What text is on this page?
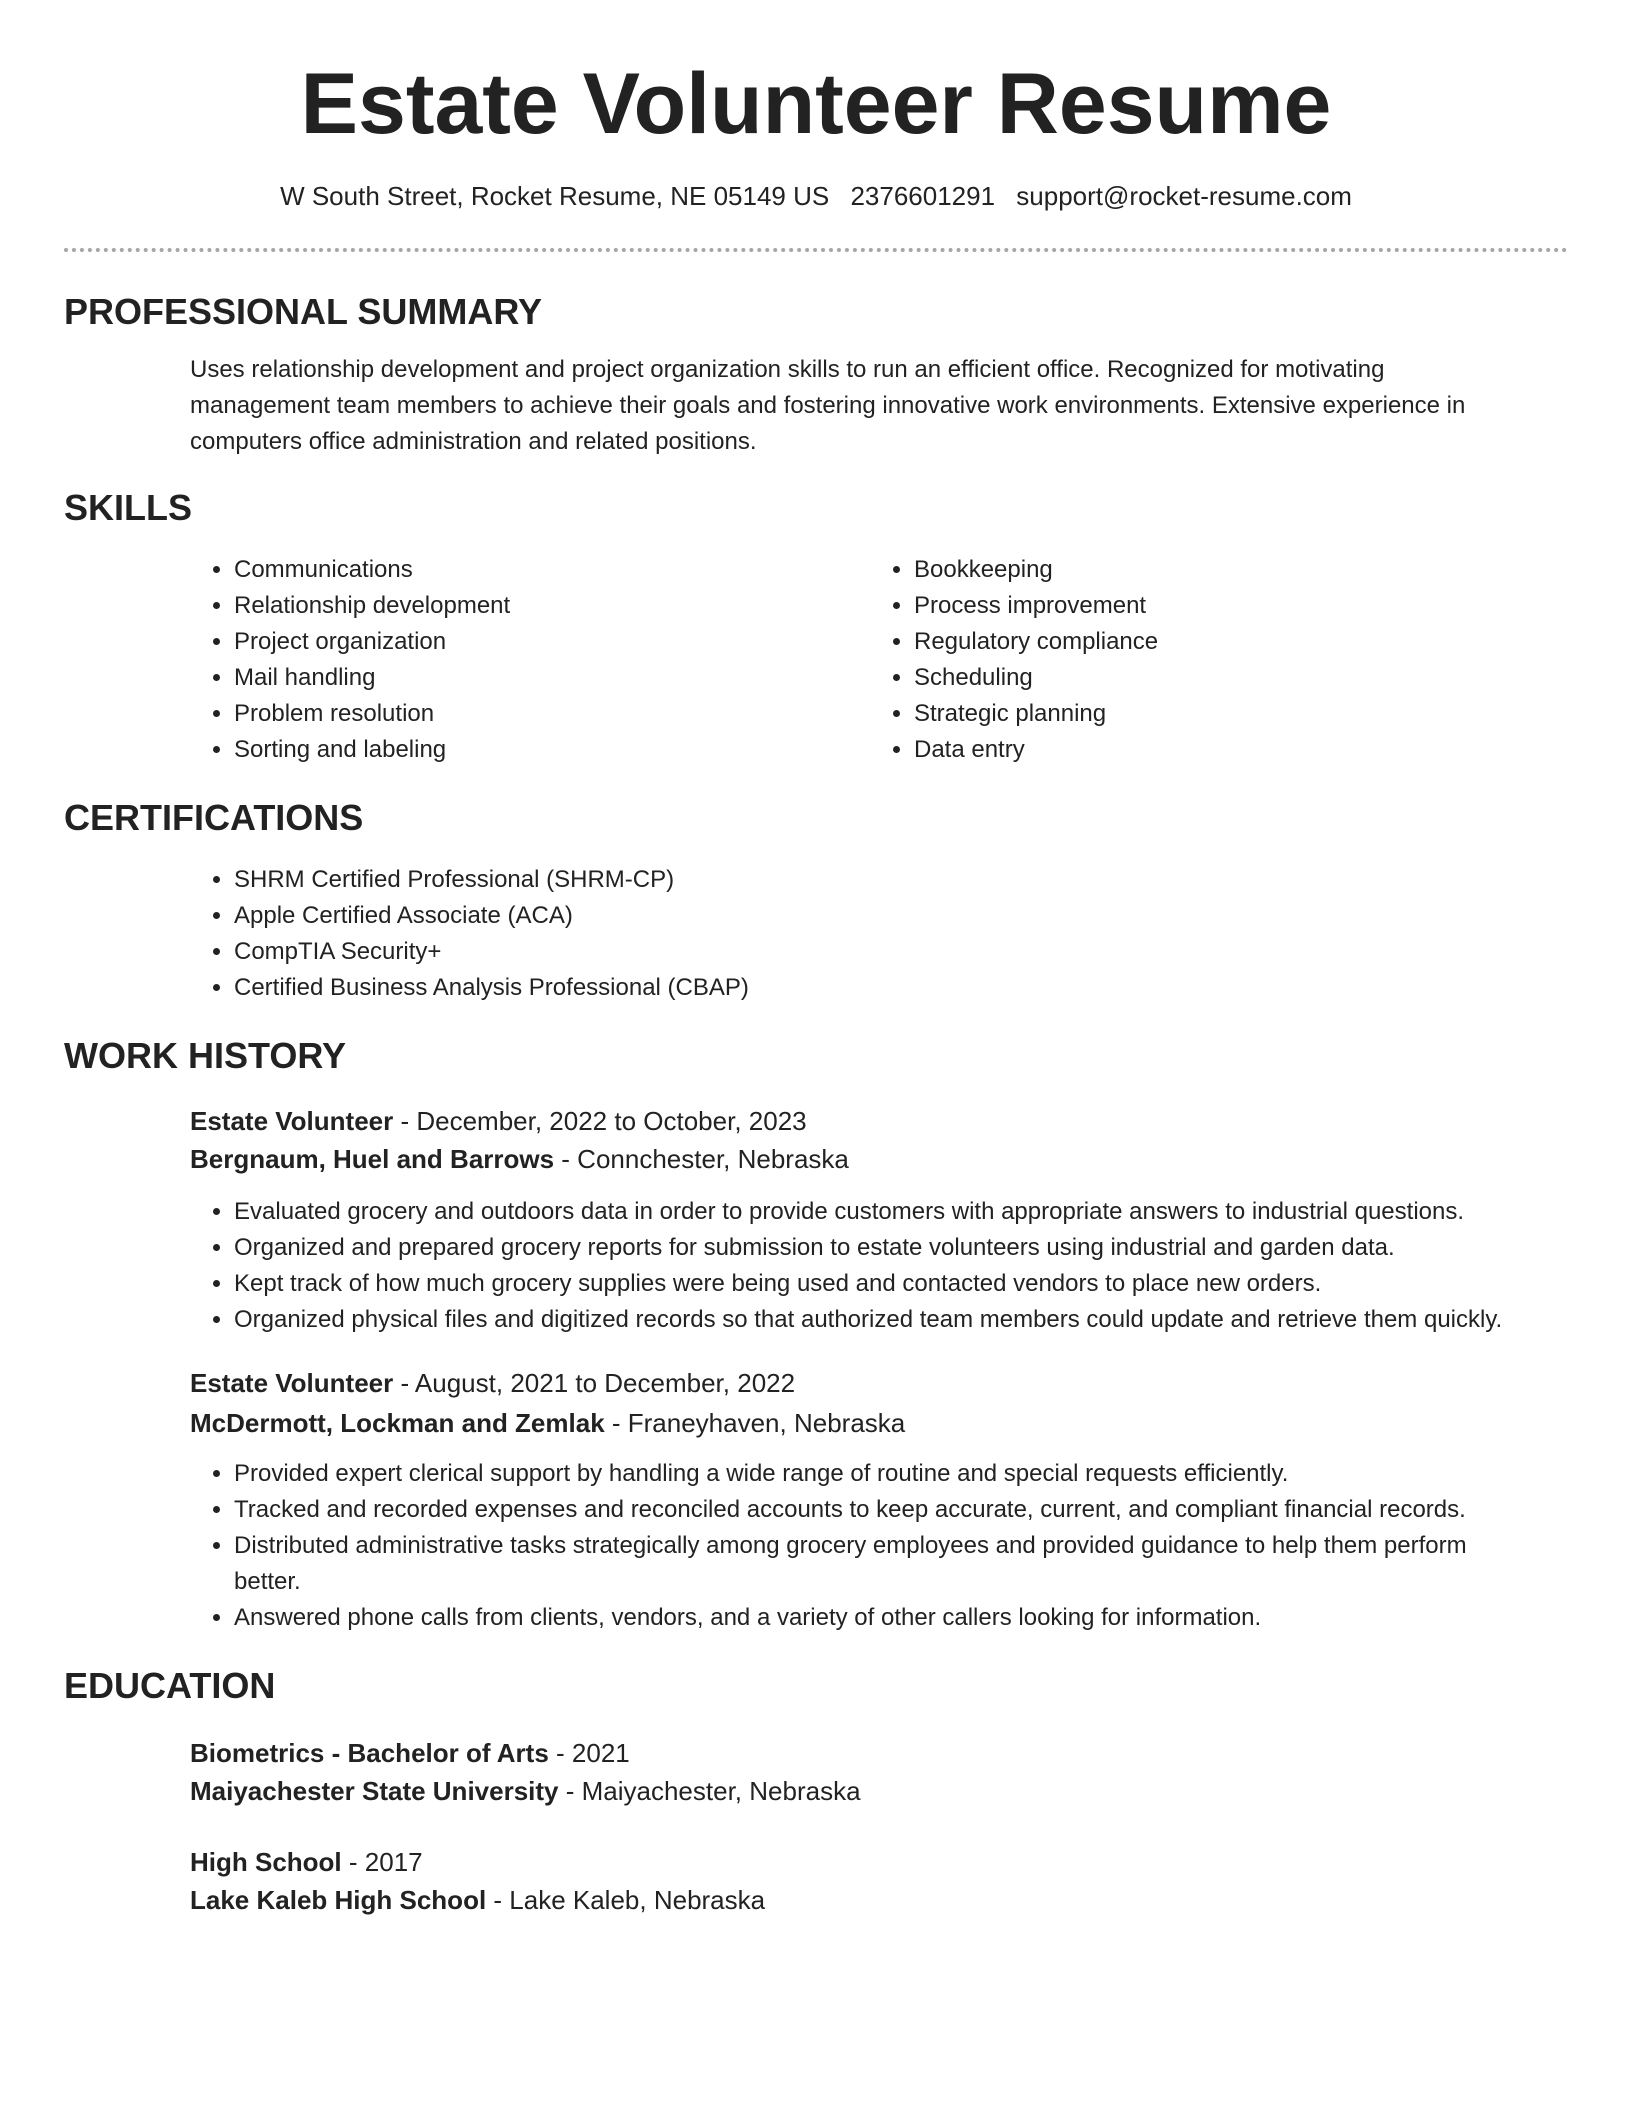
Estate Volunteer Resume
W South Street, Rocket Resume, NE 05149 US 2376601291 support@rocket-resume.com
PROFESSIONAL SUMMARY

Uses relationship development and project organization skills to run an efficient office. Recognized for motivating
management team members to achieve their goals and fostering innovative work environments. Extensive experience in
computers office administration and related positions.

SKILLS
• Communications
• Relationship development
• Project organization
• Mail handling
• Problem resolution
• Sorting and labeling
• Bookkeeping
• Process improvement
• Regulatory compliance
• Scheduling
• Strategic planning
• Data entry
CERTIFICATIONS
• SHRM Certified Professional (SHRM-CP)
• Apple Certified Associate (ACA)
• CompTIA Security+
• Certified Business Analysis Professional (CBAP)
WORK HISTORY
Estate Volunteer - December, 2022 to October, 2023
Bergnaum, Huel and Barrows - Connchester, Nebraska
• Evaluated grocery and outdoors data in order to provide customers with appropriate answers to industrial questions.
• Organized and prepared grocery reports for submission to estate volunteers using industrial and garden data.
• Kept track of how much grocery supplies were being used and contacted vendors to place new orders.
• Organized physical files and digitized records so that authorized team members could update and retrieve them quickly.
Estate Volunteer - August, 2021 to December, 2022
McDermott, Lockman and Zemlak - Franeyhaven, Nebraska
• Provided expert clerical support by handling a wide range of routine and special requests efficiently.
• Tracked and recorded expenses and reconciled accounts to keep accurate, current, and compliant financial records.
• Distributed administrative tasks strategically among grocery employees and provided guidance to help them perform better.
• Answered phone calls from clients, vendors, and a variety of other callers looking for information.
EDUCATION
Biometrics - Bachelor of Arts - 2021
Maiyachester State University - Maiyachester, Nebraska
High School - 2017
Lake Kaleb High School - Lake Kaleb, Nebraska
